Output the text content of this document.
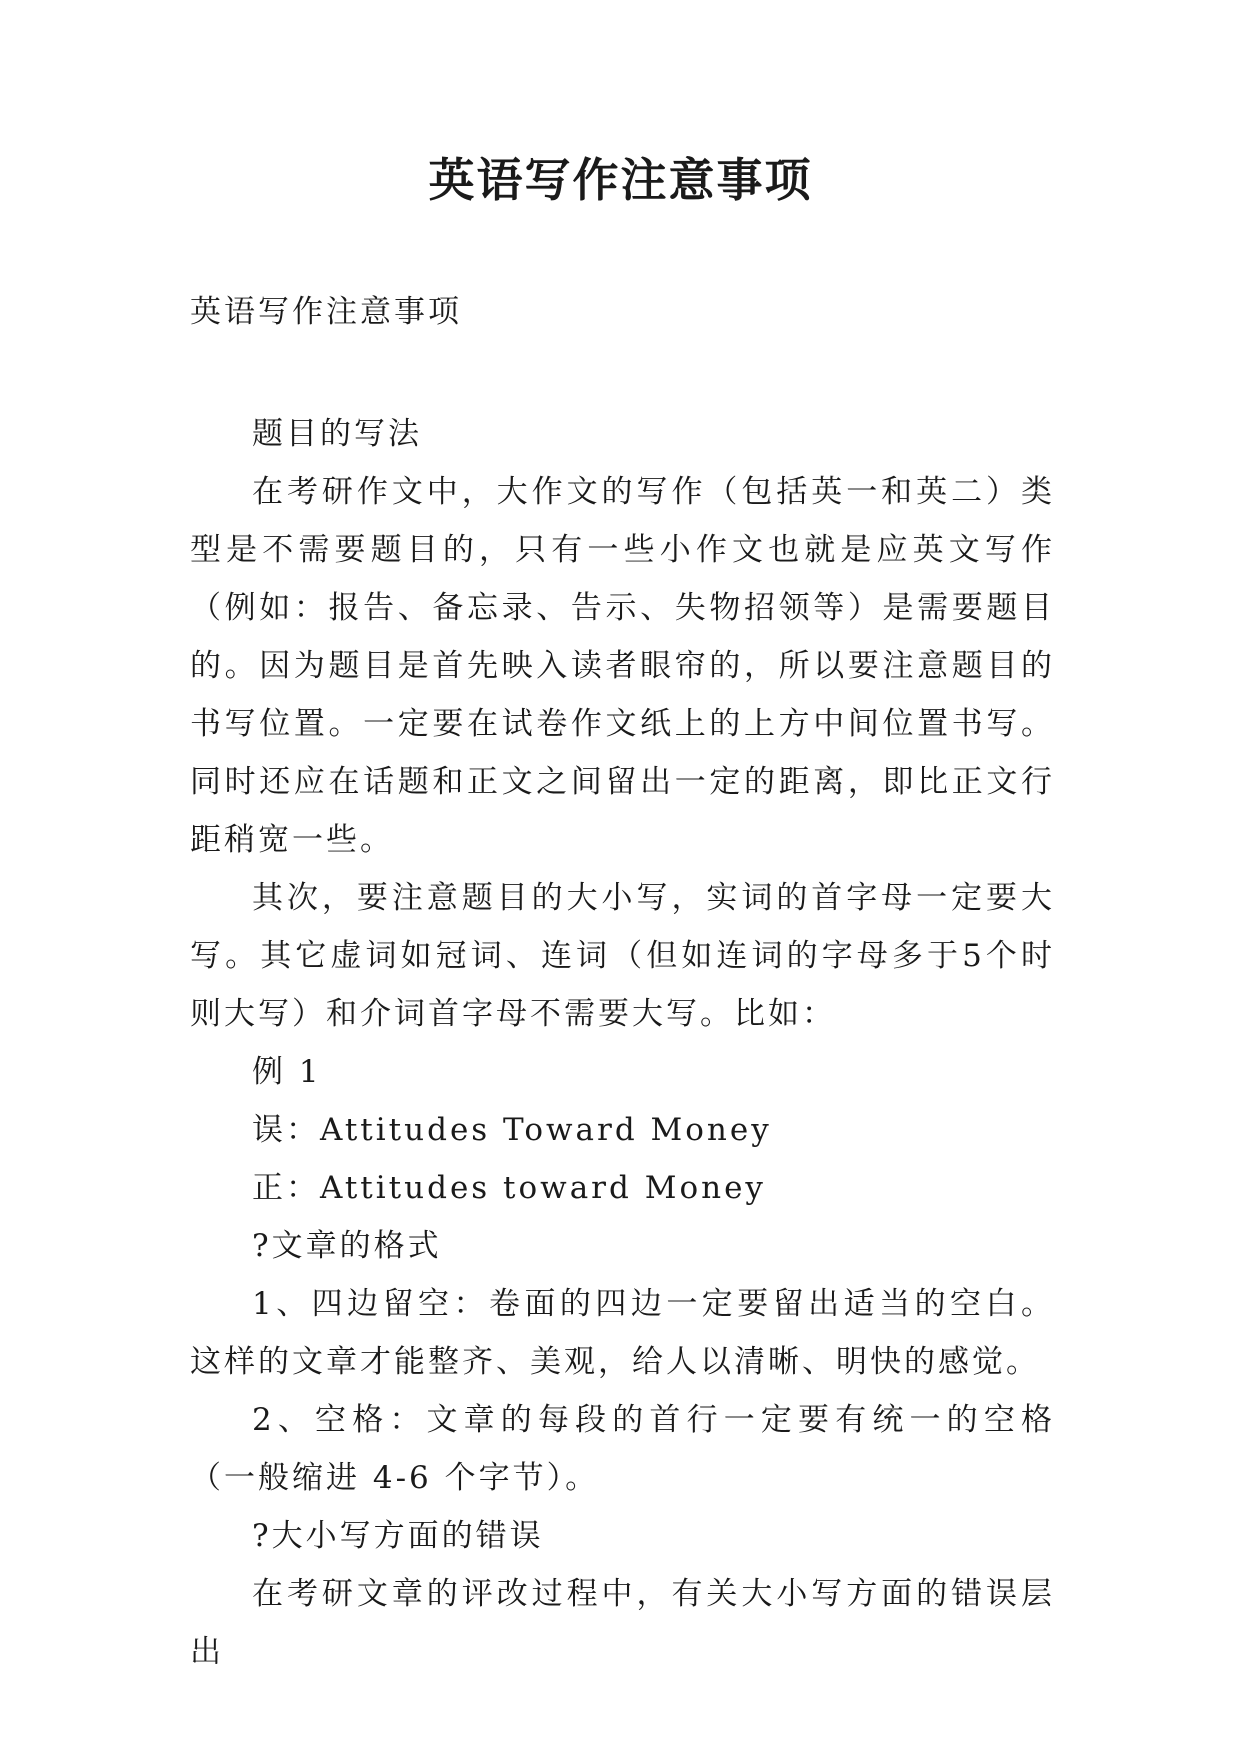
英语写作注意事项
英语写作注意事项

题目的写法

在考研作文中，大作文的写作（包括英一和英二）类型是不需要题目的，只有一些小作文也就是应英文写作（例如：报告、备忘录、告示、失物招领等）是需要题目的。因为题目是首先映入读者眼帘的，所以要注意题目的书写位置。一定要在试卷作文纸上的上方中间位置书写。同时还应在话题和正文之间留出一定的距离，即比正文行距稍宽一些。

其次，要注意题目的大小写，实词的首字母一定要大写。其它虚词如冠词、连词（但如连词的字母多于5个时则大写）和介词首字母不需要大写。比如：

例 1

误：Attitudes Toward Money

正：Attitudes toward Money

?文章的格式

1、四边留空：卷面的四边一定要留出适当的空白。这样的文章才能整齐、美观，给人以清晰、明快的感觉。

2、空格：文章的每段的首行一定要有统一的空格（一般缩进 4-6 个字节）。

?大小写方面的错误

在考研文章的评改过程中，有关大小写方面的错误层出
